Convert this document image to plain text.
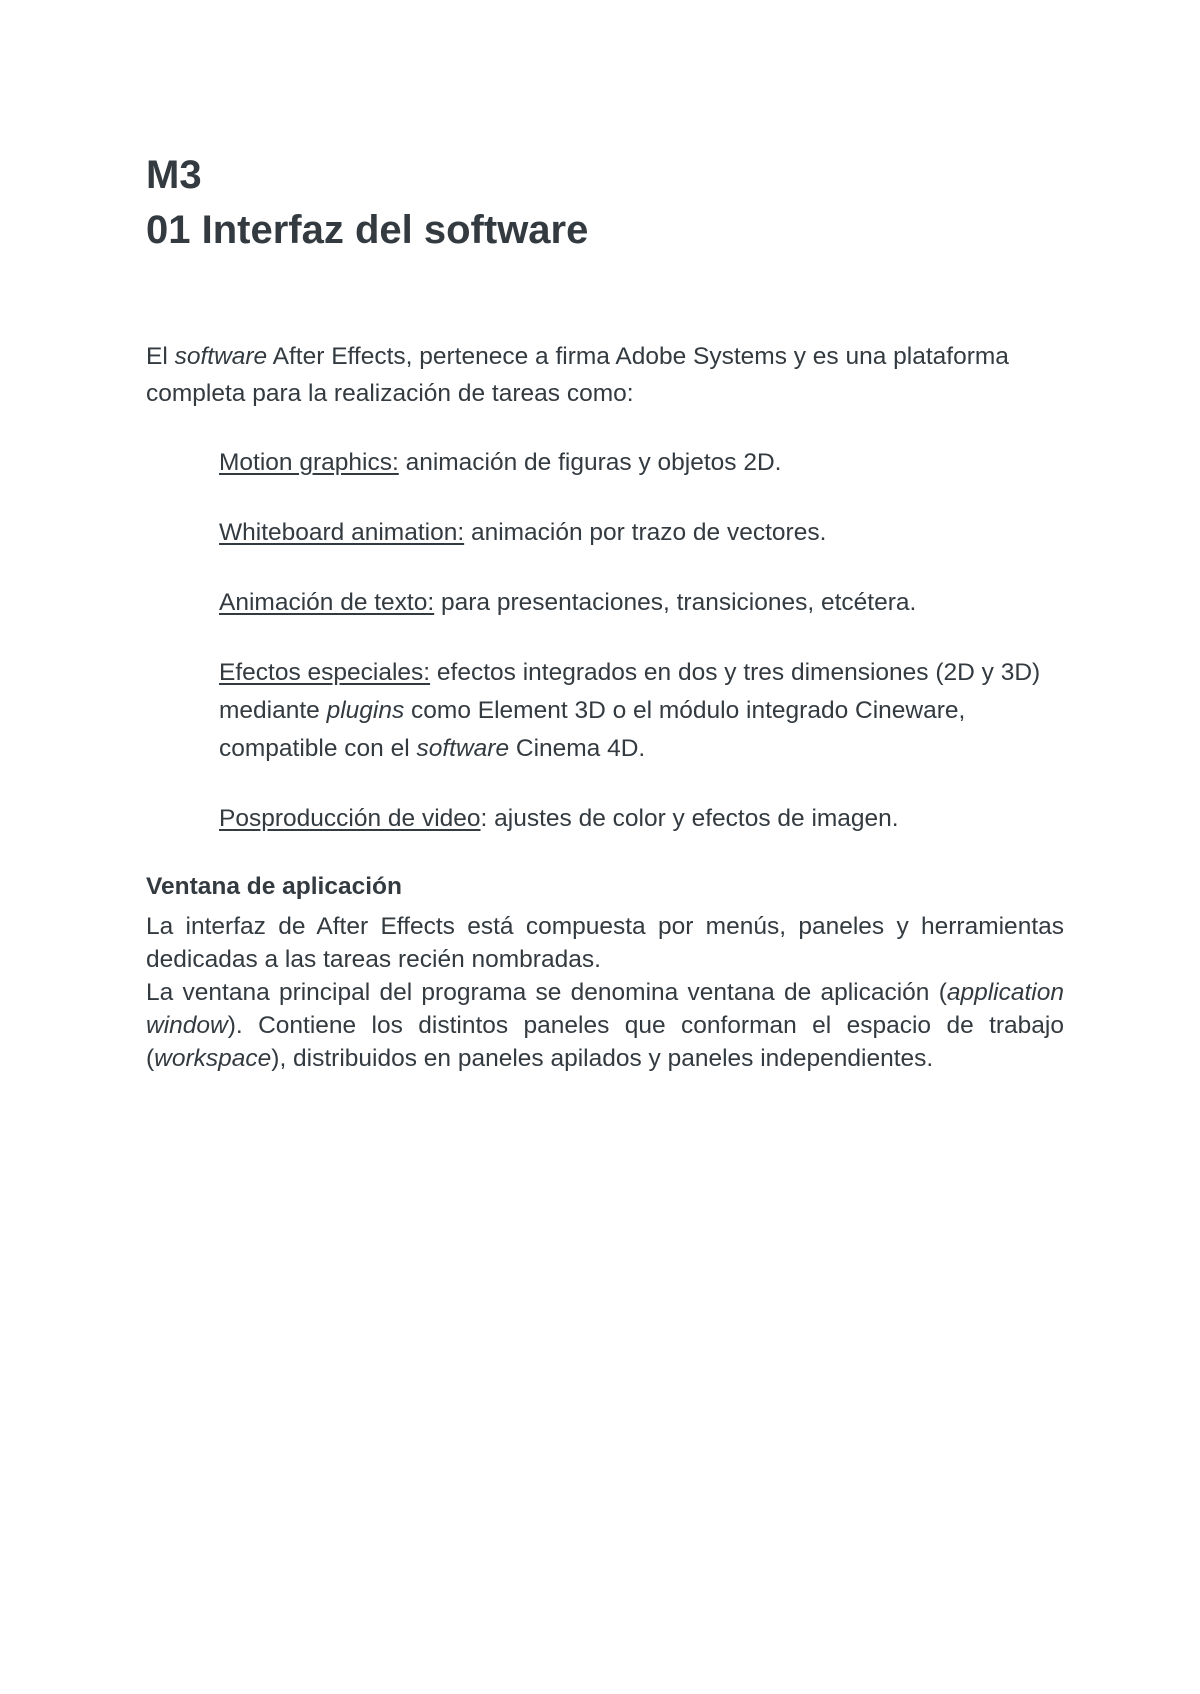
M3
01 Interfaz del software

El software After Effects, pertenece a firma Adobe Systems y es una plataforma completa para la realización de tareas como:

Motion graphics: animación de figuras y objetos 2D.
Whiteboard animation: animación por trazo de vectores.
Animación de texto: para presentaciones, transiciones, etcétera.
Efectos especiales: efectos integrados en dos y tres dimensiones (2D y 3D) mediante plugins como Element 3D o el módulo integrado Cineware, compatible con el software Cinema 4D.
Posproducción de video: ajustes de color y efectos de imagen.
Ventana de aplicación

La interfaz de After Effects está compuesta por menús, paneles y herramientas dedicadas a las tareas recién nombradas.

La ventana principal del programa se denomina ventana de aplicación (application window). Contiene los distintos paneles que conforman el espacio de trabajo (workspace), distribuidos en paneles apilados y paneles independientes.
